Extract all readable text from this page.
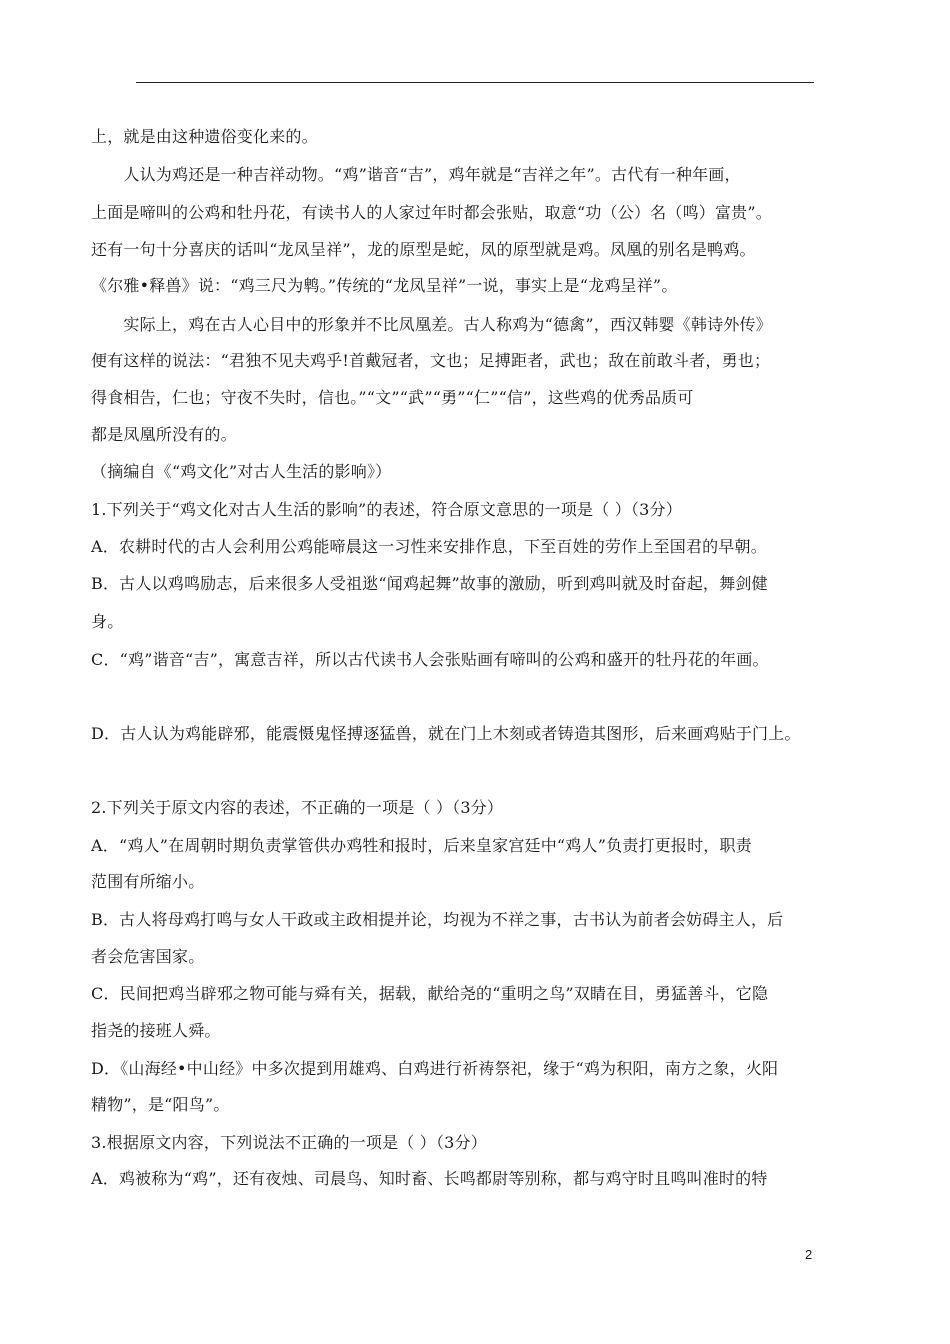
上，就是由这种遗俗变化来的。
　　人认为鸡还是一种吉祥动物。“鸡”谐音“吉”，鸡年就是“吉祥之年”。古代有一种年画，
上面是啼叫的公鸡和牡丹花，有读书人的人家过年时都会张贴，取意“功（公）名（鸣）富贵”。
还有一句十分喜庆的话叫“龙凤呈祥”，龙的原型是蛇，凤的原型就是鸡。凤凰的别名是鸭鸡。
《尔雅•释兽》说：“鸡三尺为鹎。”传统的“龙凤呈祥”一说，事实上是“龙鸡呈祥”。
　　实际上，鸡在古人心目中的形象并不比凤凰差。古人称鸡为“德禽”，西汉韩婴《韩诗外传》
便有这样的说法：“君独不见夫鸡乎!首戴冠者，文也；足搏距者，武也；敌在前敢斗者，勇也；
得食相告，仁也；守夜不失时，信也。”“文”“武”“勇”“仁”“信”，这些鸡的优秀品质可
都是凤凰所没有的。
（摘编自《“鸡文化”对古人生活的影响》）
1.下列关于“鸡文化对古人生活的影响”的表述，符合原文意思的一项是（ ）（3分）
A．农耕时代的古人会利用公鸡能啼晨这一习性来安排作息，下至百姓的劳作上至国君的早朝。
B．古人以鸡鸣励志，后来很多人受祖逖“闻鸡起舞”故事的激励，听到鸡叫就及时奋起，舞剑健
身。
C．“鸡”谐音“吉”，寓意吉祥，所以古代读书人会张贴画有啼叫的公鸡和盛开的牡丹花的年画。
D．古人认为鸡能辟邪，能震慑鬼怪搏逐猛兽，就在门上木刻或者铸造其图形，后来画鸡贴于门上。
2.下列关于原文内容的表述，不正确的一项是（ ）（3分）
A．“鸡人”在周朝时期负责掌管供办鸡牲和报时，后来皇家宫廷中“鸡人”负责打更报时，职责
范围有所缩小。
B．古人将母鸡打鸣与女人干政或主政相提并论，均视为不祥之事，古书认为前者会妨碍主人，后
者会危害国家。
C．民间把鸡当辟邪之物可能与舜有关，据载，献给尧的“重明之鸟”双睛在目，勇猛善斗，它隐
指尧的接班人舜。
D．《山海经•中山经》中多次提到用雄鸡、白鸡进行祈祷祭祀，缘于“鸡为积阳，南方之象，火阳
精物”，是“阳鸟”。
3.根据原文内容，下列说法不正确的一项是（ ）（3分）
A．鸡被称为“鸡”，还有夜烛、司晨鸟、知时畜、长鸣都尉等别称，都与鸡守时且鸣叫准时的特
2
